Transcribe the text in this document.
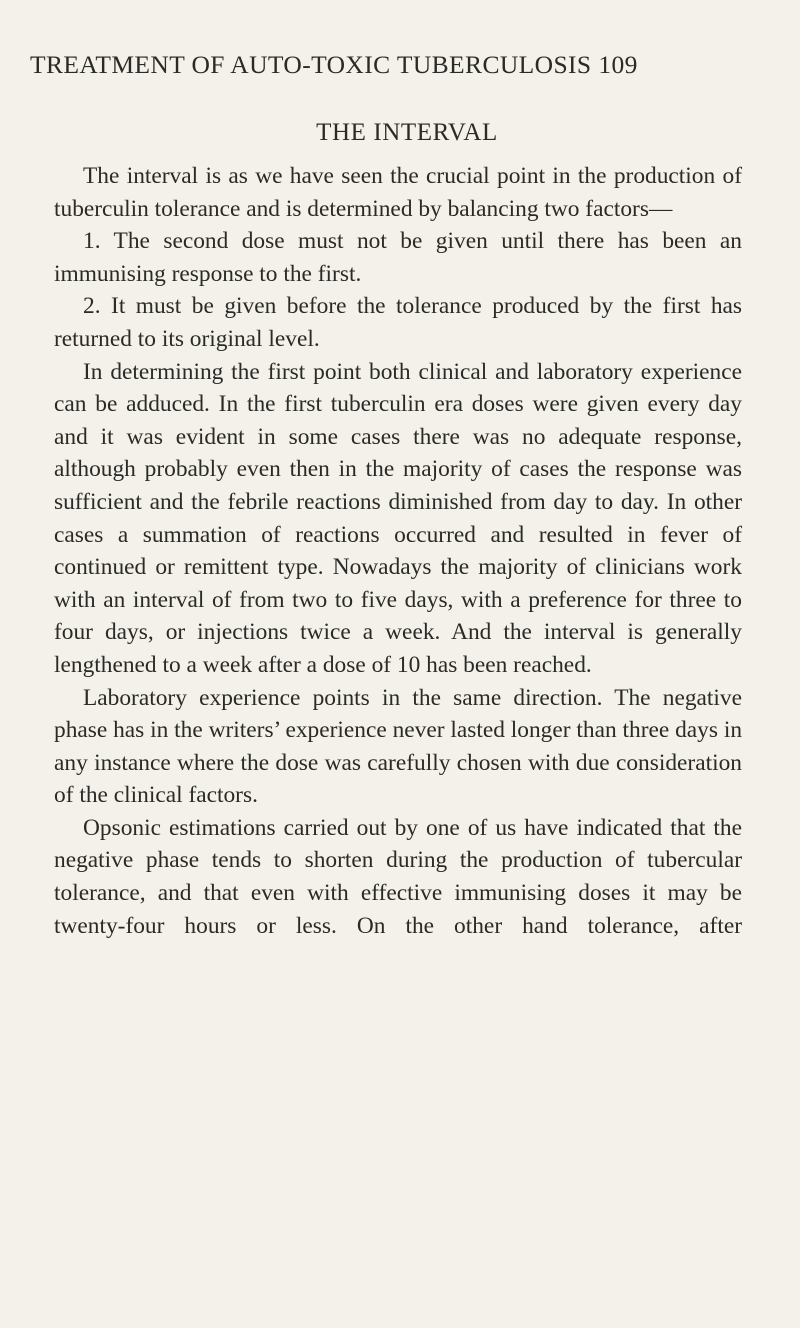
TREATMENT OF AUTO-TOXIC TUBERCULOSIS 109
THE INTERVAL

The interval is as we have seen the crucial point in the production of tuberculin tolerance and is determined by balancing two factors—

1. The second dose must not be given until there has been an immunising response to the first.

2. It must be given before the tolerance produced by the first has returned to its original level.

In determining the first point both clinical and laboratory experience can be adduced. In the first tuberculin era doses were given every day and it was evident in some cases there was no adequate response, although probably even then in the majority of cases the response was sufficient and the febrile reactions diminished from day to day. In other cases a summation of reactions occurred and resulted in fever of continued or remittent type. Nowadays the majority of clinicians work with an interval of from two to five days, with a preference for three to four days, or injections twice a week. And the interval is generally lengthened to a week after a dose of 10 has been reached.

Laboratory experience points in the same direction. The negative phase has in the writers’ experience never lasted longer than three days in any instance where the dose was carefully chosen with due consideration of the clinical factors.

Opsonic estimations carried out by one of us have indicated that the negative phase tends to shorten during the production of tubercular tolerance, and that even with effective immunising doses it may be twenty-four hours or less. On the other hand tolerance, after
